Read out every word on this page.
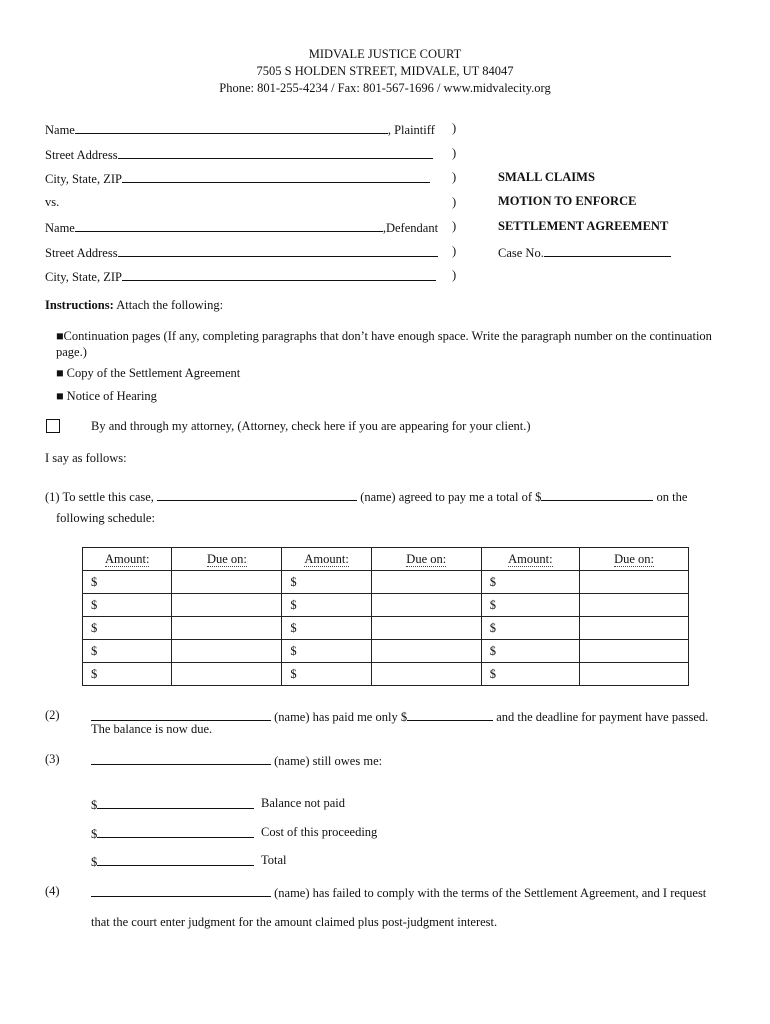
MIDVALE JUSTICE COURT
7505 S HOLDEN STREET, MIDVALE, UT 84047
Phone: 801-255-4234 / Fax: 801-567-1696 / www.midvalecity.org
Name	, Plaintiff )
Street Address	)
City, State, ZIP	)
vs.	)
Name	,Defendant )
Street Address	)
City, State, ZIP	)
SMALL CLAIMS
MOTION TO ENFORCE
SETTLEMENT AGREEMENT
Case No.
Instructions: Attach the following:
■Continuation pages (If any, completing paragraphs that don’t have enough space. Write the paragraph number on the continuation
page.)
■ Copy of the Settlement Agreement
■ Notice of Hearing
By and through my attorney, (Attorney, check here if you are appearing for your client.)
I say as follows:
(1) To settle this case,	(name) agreed to pay me a total of $	on the
following schedule:
Amount:	Due on:	Amount:	Due on:	Amount:	Due on:
$		$		$	
$		$		$	
$		$		$	
$		$		$	
$		$		$	
(2)	(name) has paid me only $	and the deadline for payment have passed.
The balance is now due.
(3)	(name) still owes me:
$	Balance not paid
$	Cost of this proceeding
$	Total
(4)	(name) has failed to comply with the terms of the Settlement Agreement, and I request
that the court enter judgment for the amount claimed plus post-judgment interest.
